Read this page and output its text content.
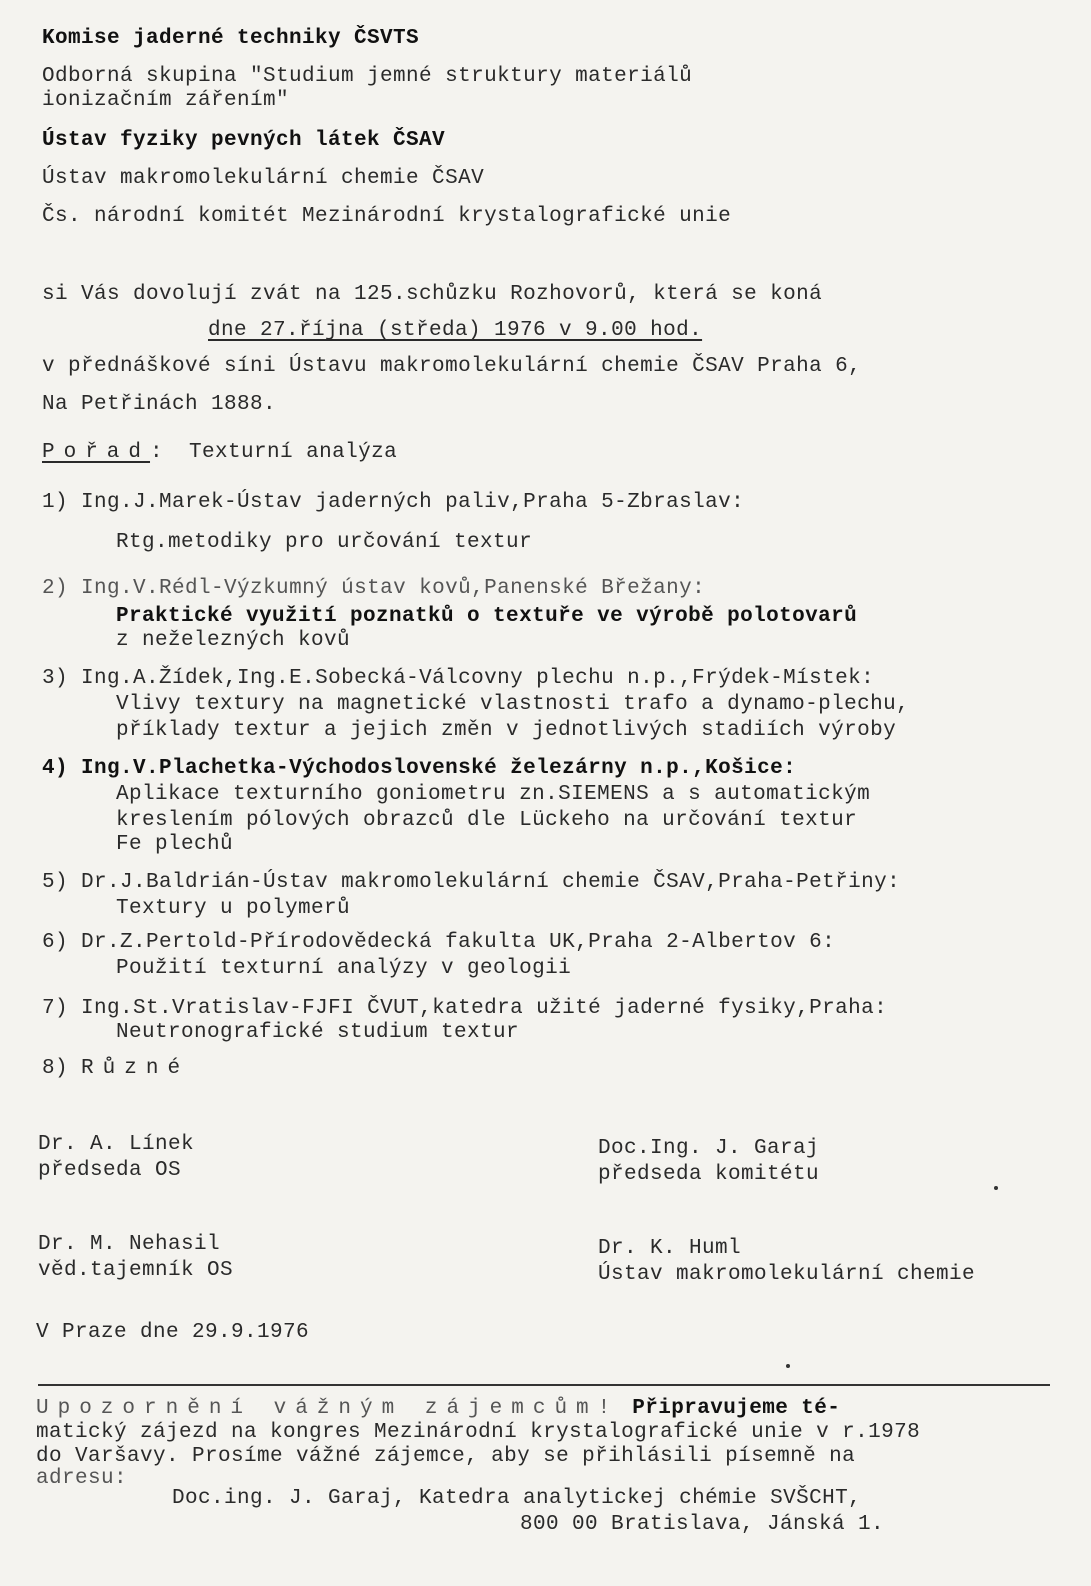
Komise jaderné techniky ČSVTS
Odborná skupina "Studium jemné struktury materiálů
ionizačním zářením"
Ústav fyziky pevných látek ČSAV
Ústav makromolekulární chemie ČSAV
Čs. národní komitét Mezinárodní krystalografické unie
si Vás dovolují zvát na 125.schůzku Rozhovorů, která se koná
dne 27.října (středa) 1976 v 9.00 hod.
v přednáškové síni Ústavu makromolekulární chemie ČSAV Praha 6,
Na Petřinách 1888.
Pořad: Texturní analýza
1) Ing.J.Marek-Ústav jaderných paliv,Praha 5-Zbraslav:
Rtg.metodiky pro určování textur
2) Ing.V.Rédl-Výzkumný ústav kovů,Panenské Břežany:
Praktické využití poznatků o textuře ve výrobě polotovarů
z neželezných kovů
3) Ing.A.Žídek,Ing.E.Sobecká-Válcovny plechu n.p.,Frýdek-Místek:
Vlivy textury na magnetické vlastnosti trafo a dynamo-plechu,
příklady textur a jejich změn v jednotlivých stadiích výroby
4) Ing.V.Plachetka-Východoslovenské železárny n.p.,Košice:
Aplikace texturního goniometru zn.SIEMENS a s automatickým
kreslením pólových obrazců dle Lückeho na určování textur
Fe plechů
5) Dr.J.Baldrián-Ústav makromolekulární chemie ČSAV,Praha-Petřiny:
Textury u polymerů
6) Dr.Z.Pertold-Přírodovědecká fakulta UK,Praha 2-Albertov 6:
Použití texturní analýzy v geologii
7) Ing.St.Vratislav-FJFI ČVUT,katedra užité jaderné fysiky,Praha:
Neutronografické studium textur
8) Různé
Dr. A. Línek
předseda OS
Doc.Ing. J. Garaj
předseda komitétu
Dr. M. Nehasil
věd.tajemník OS
Dr. K. Huml
Ústav makromolekulární chemie
V Praze dne 29.9.1976
Upozornění vážným zájemcům! Připravujeme té-
matický zájezd na kongres Mezinárodní krystalografické unie v r.1978
do Varšavy. Prosíme vážné zájemce, aby se přihlásili písemně na
adresu:
Doc.ing. J. Garaj, Katedra analytickej chémie SVŠCHT,
800 00 Bratislava, Jánská 1.
